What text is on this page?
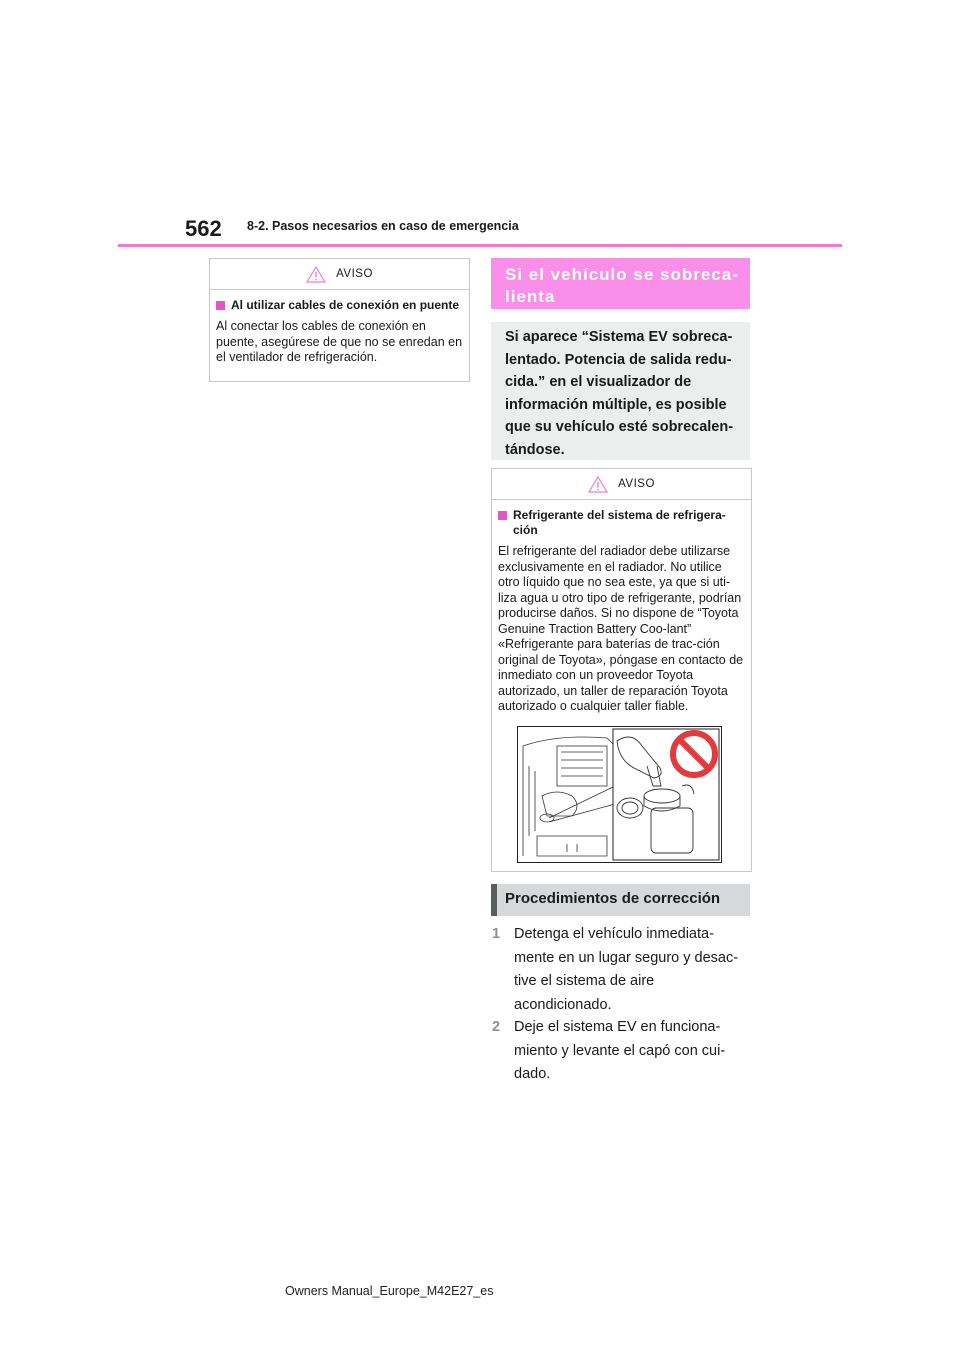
562 8-2. Pasos necesarios en caso de emergencia
AVISO
Al utilizar cables de conexión en puente
Al conectar los cables de conexión en puente, asegúrese de que no se enredan en el ventilador de refrigeración.
Si el vehículo se sobreca-lienta
Si aparece “Sistema EV sobreca-lentado. Potencia de salida redu-cida.” en el visualizador de información múltiple, es posible que su vehículo esté sobrecalen-tándose.
AVISO
Refrigerante del sistema de refrigera-ción
El refrigerante del radiador debe utilizarse exclusivamente en el radiador. No utilice otro líquido que no sea este, ya que si uti-liza agua u otro tipo de refrigerante, podrían producirse daños. Si no dispone de “Toyota Genuine Traction Battery Coo-lant” «Refrigerante para baterías de trac-ción original de Toyota», póngase en contacto de inmediato con un proveedor Toyota autorizado, un taller de reparación Toyota autorizado o cualquier taller fiable.
Procedimientos de corrección
1 Detenga el vehículo inmediata-mente en un lugar seguro y desac-tive el sistema de aire acondicionado.
2 Deje el sistema EV en funciona-miento y levante el capó con cui-dado.
Owners Manual_Europe_M42E27_es
